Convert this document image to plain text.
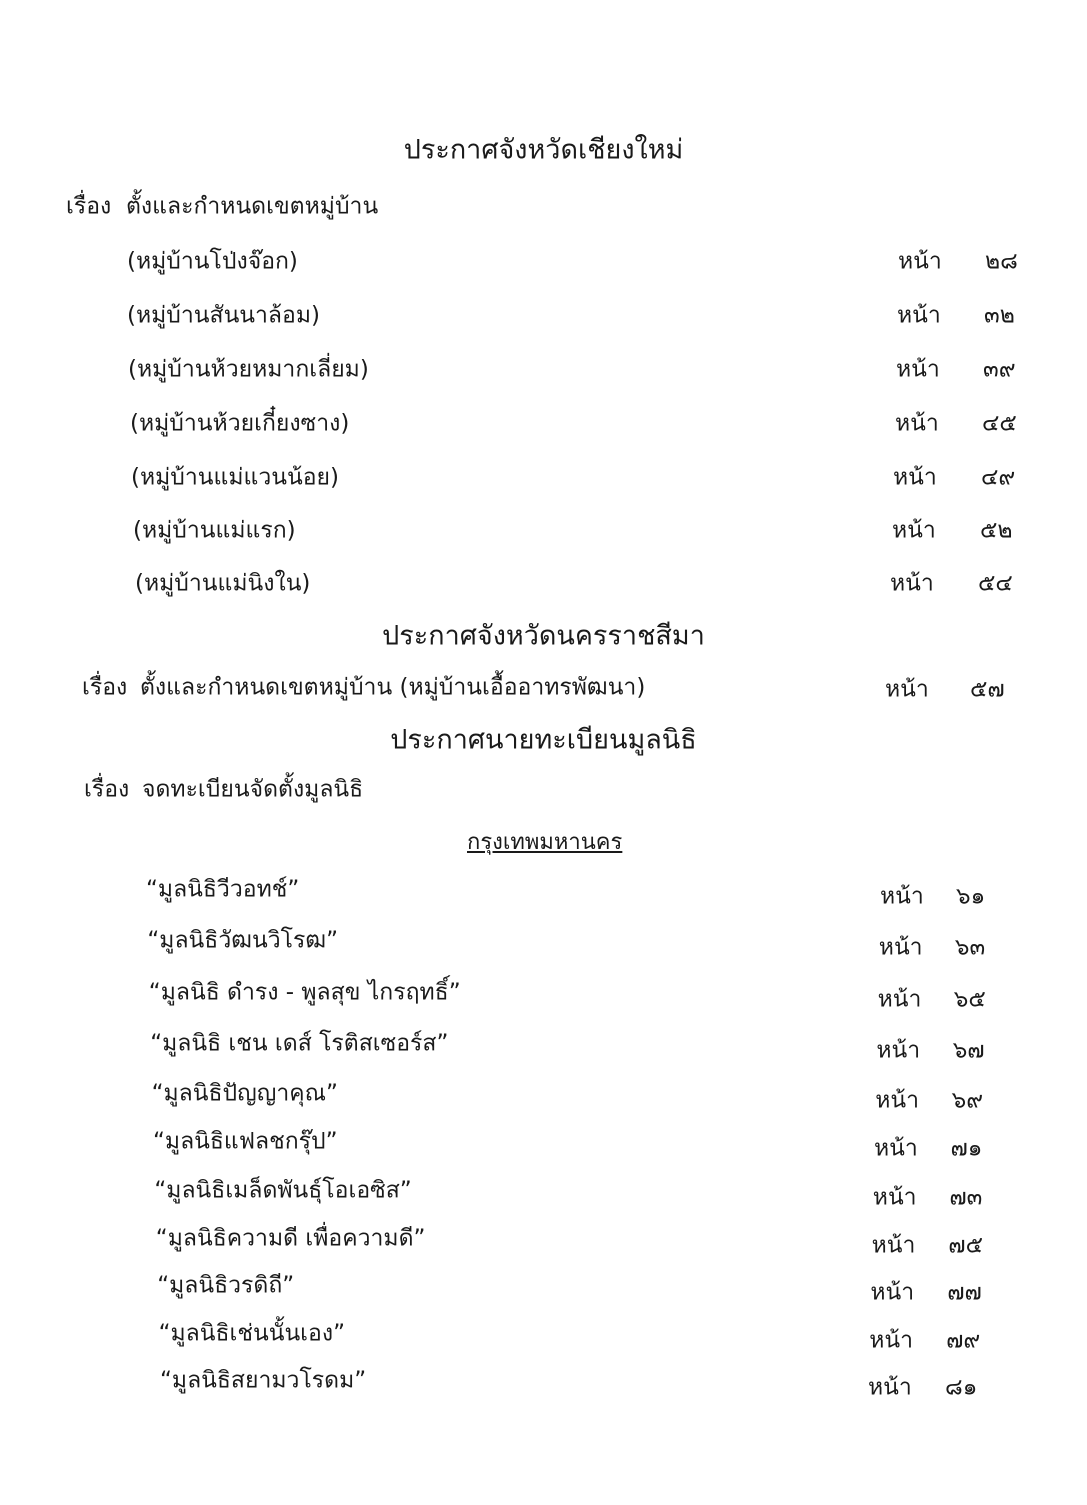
ประกาศจังหวัดเชียงใหม่
เรื่อง ตั้งและกำหนดเขตหมู่บ้าน
(หมู่บ้านโป่งจ๊อก)	หน้า ๒๘
(หมู่บ้านสันนาล้อม)	หน้า ๓๒
(หมู่บ้านห้วยหมากเลี่ยม)	หน้า ๓๙
(หมู่บ้านห้วยเกี๋ยงซาง)	หน้า ๔๕
(หมู่บ้านแม่แวนน้อย)	หน้า ๔๙
(หมู่บ้านแม่แรก)	หน้า ๕๒
(หมู่บ้านแม่นิงใน)	หน้า ๕๔
ประกาศจังหวัดนครราชสีมา
เรื่อง ตั้งและกำหนดเขตหมู่บ้าน (หมู่บ้านเอื้ออาทรพัฒนา)	หน้า ๕๗
ประกาศนายทะเบียนมูลนิธิ
เรื่อง จดทะเบียนจัดตั้งมูลนิธิ
กรุงเทพมหานคร
“มูลนิธิวีวอทช์”	หน้า ๖๑
“มูลนิธิวัฒนวิโรฒ”	หน้า ๖๓
“มูลนิธิ ดำรง - พูลสุข ไกรฤทธิ์”	หน้า ๖๕
“มูลนิธิ เชน เดส์ โรติสเซอร์ส”	หน้า ๖๗
“มูลนิธิปัญญาคุณ”	หน้า ๖๙
“มูลนิธิแฟลชกรุ๊ป”	หน้า ๗๑
“มูลนิธิเมล็ดพันธุ์โอเอซิส”	หน้า ๗๓
“มูลนิธิความดี เพื่อความดี”	หน้า ๗๕
“มูลนิธิวรดิถี”	หน้า ๗๗
“มูลนิธิเช่นนั้นเอง”	หน้า ๗๙
“มูลนิธิสยามวโรดม”	หน้า ๘๑
